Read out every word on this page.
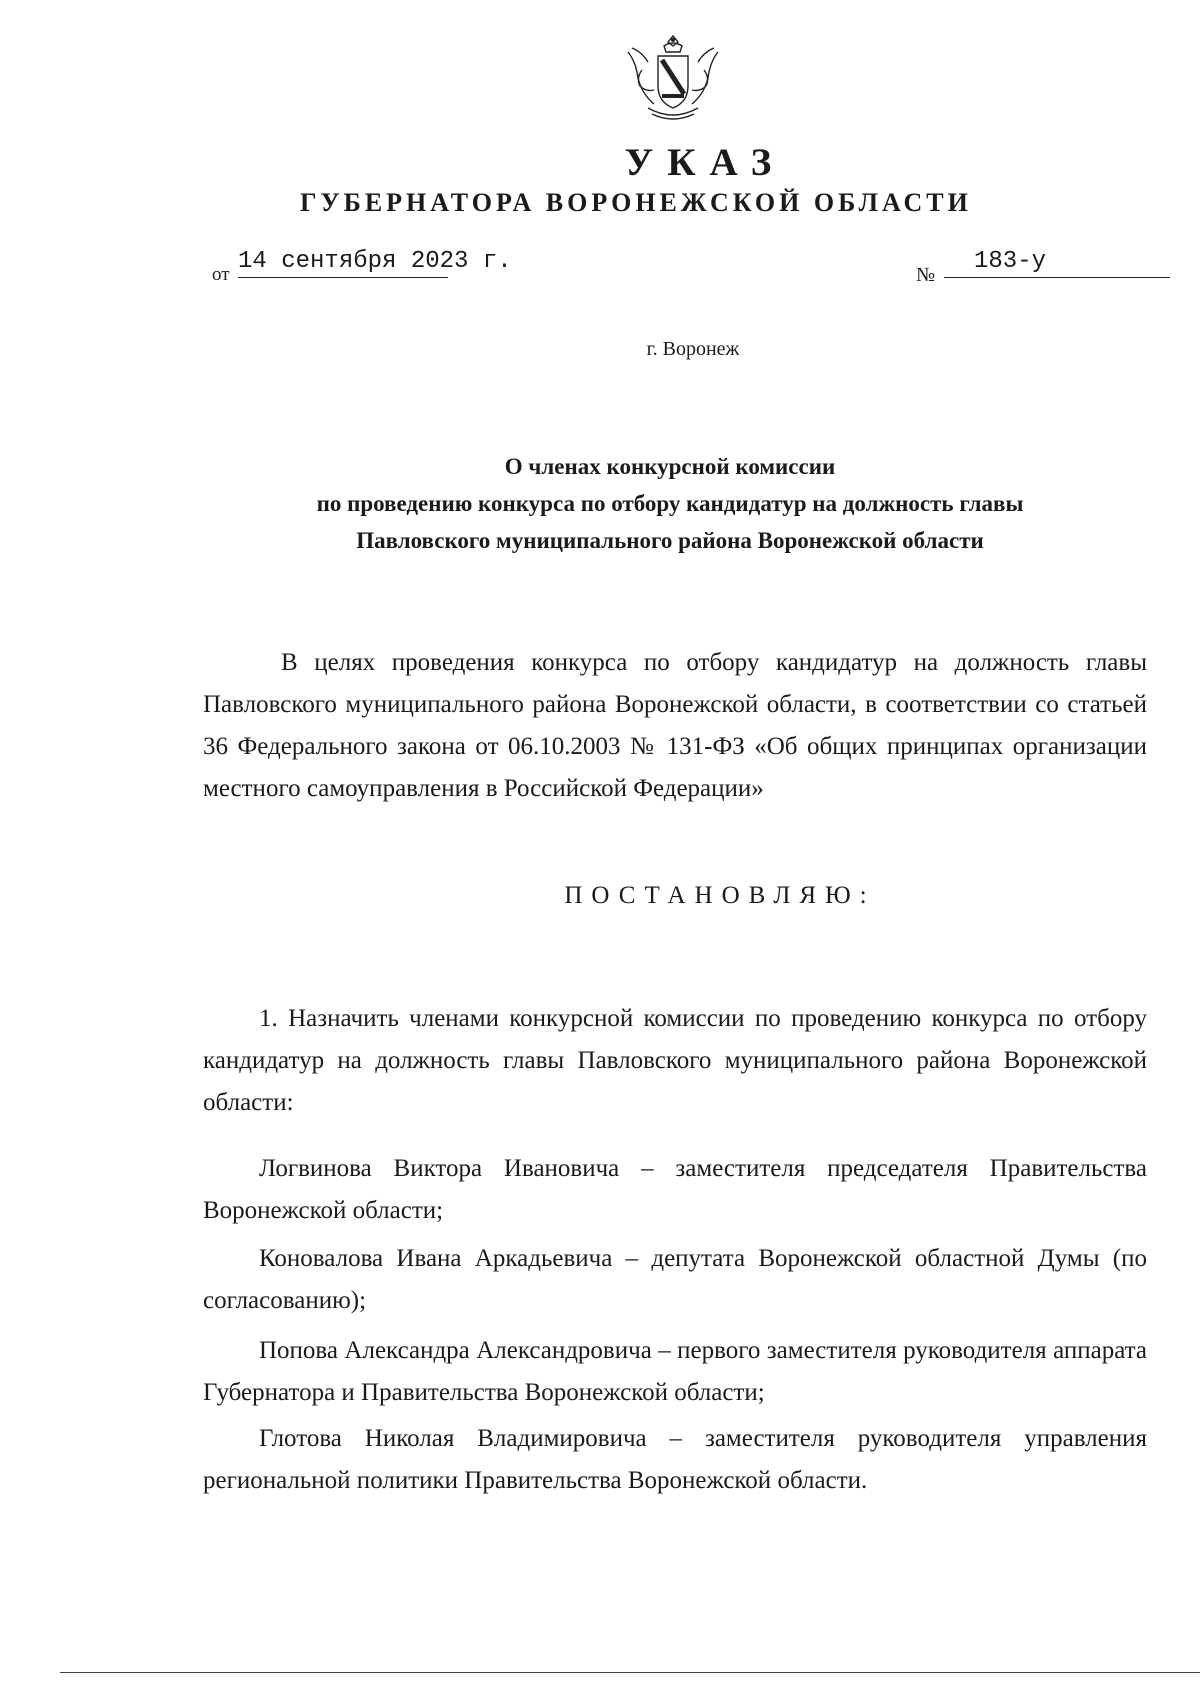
УКАЗ
ГУБЕРНАТОРА ВОРОНЕЖСКОЙ ОБЛАСТИ
от 14 сентября 2023 г.	№	183-у
г. Воронеж
О членах конкурсной комиссии
по проведению конкурса по отбору кандидатур на должность главы
Павловского муниципального района Воронежской области
В целях проведения конкурса по отбору кандидатур на должность главы Павловского муниципального района Воронежской области, в соответствии со статьей 36 Федерального закона от 06.10.2003 № 131-ФЗ «Об общих принципах организации местного самоуправления в Российской Федерации»
ПОСТАНОВЛЯЮ:
1. Назначить членами конкурсной комиссии по проведению конкурса по отбору кандидатур на должность главы Павловского муниципального района Воронежской области:
Логвинова Виктора Ивановича – заместителя председателя Правительства Воронежской области;
Коновалова Ивана Аркадьевича – депутата Воронежской областной Думы (по согласованию);
Попова Александра Александровича – первого заместителя руководителя аппарата Губернатора и Правительства Воронежской области;
Глотова Николая Владимировича – заместителя руководителя управления региональной политики Правительства Воронежской области.
